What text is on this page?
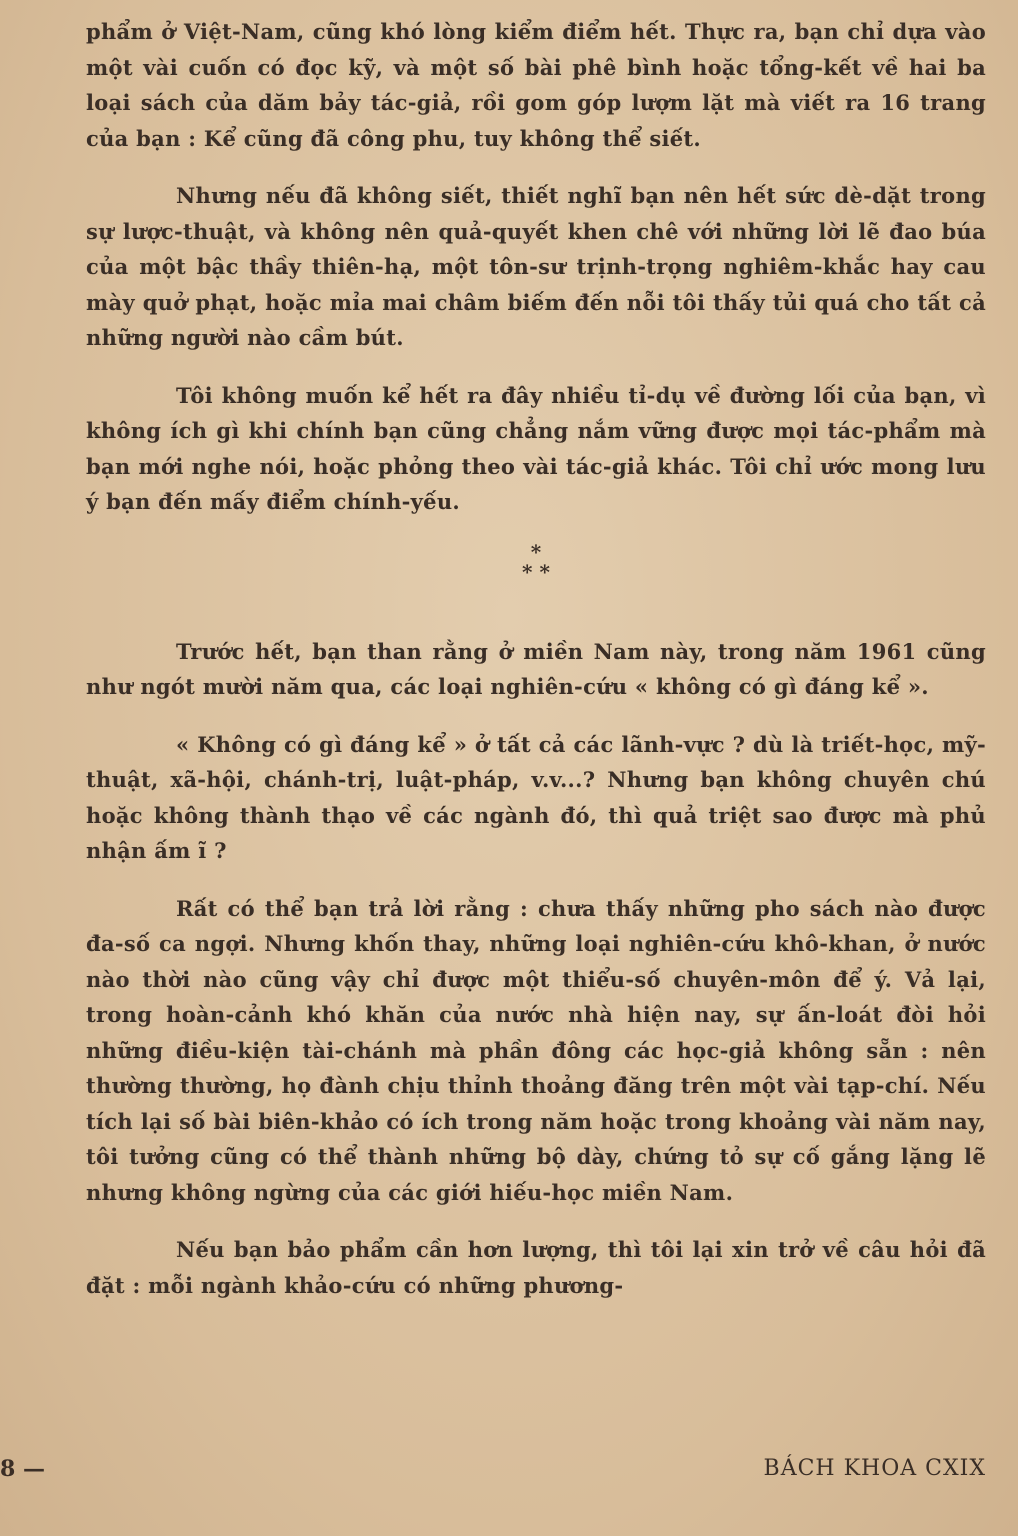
phẩm ở Việt-Nam, cũng khó lòng kiểm điểm hết. Thực ra, bạn chỉ dựa vào một vài cuốn có đọc kỹ, và một số bài phê bình hoặc tổng-kết về hai ba loại sách của dăm bảy tác-giả, rồi gom góp lượm lặt mà viết ra 16 trang của bạn : Kể cũng đã công phu, tuy không thể siết.

Nhưng nếu đã không siết, thiết nghĩ bạn nên hết sức dè-dặt trong sự lược-thuật, và không nên quả-quyết khen chê với những lời lẽ đao búa của một bậc thầy thiên-hạ, một tôn-sư trịnh-trọng nghiêm-khắc hay cau mày quở phạt, hoặc mỉa mai châm biếm đến nỗi tôi thấy tủi quá cho tất cả những người nào cầm bút.

Tôi không muốn kể hết ra đây nhiều tỉ-dụ về đường lối của bạn, vì không ích gì khi chính bạn cũng chẳng nắm vững được mọi tác-phẩm mà bạn mới nghe nói, hoặc phỏng theo vài tác-giả khác. Tôi chỉ ước mong lưu ý bạn đến mấy điểm chính-yếu.

*
* *

Trước hết, bạn than rằng ở miền Nam này, trong năm 1961 cũng như ngót mười năm qua, các loại nghiên-cứu « không có gì đáng kể ».

« Không có gì đáng kể » ở tất cả các lãnh-vực ? dù là triết-học, mỹ-thuật, xã-hội, chánh-trị, luật-pháp, v.v...? Nhưng bạn không chuyên chú hoặc không thành thạo về các ngành đó, thì quả triệt sao được mà phủ nhận ấm ĩ ?

Rất có thể bạn trả lời rằng : chưa thấy những pho sách nào được đa-số ca ngợi. Nhưng khốn thay, những loại nghiên-cứu khô-khan, ở nước nào thời nào cũng vậy chỉ được một thiểu-số chuyên-môn để ý. Vả lại, trong hoàn-cảnh khó khăn của nước nhà hiện nay, sự ấn-loát đòi hỏi những điều-kiện tài-chánh mà phần đông các học-giả không sẵn : nên thường thường, họ đành chịu thỉnh thoảng đăng trên một vài tạp-chí. Nếu tích lại số bài biên-khảo có ích trong năm hoặc trong khoảng vài năm nay, tôi tưởng cũng có thể thành những bộ dày, chứng tỏ sự cố gắng lặng lẽ nhưng không ngừng của các giới hiếu-học miền Nam.

Nếu bạn bảo phẩm cần hơn lượng, thì tôi lại xin trở về câu hỏi đã đặt : mỗi ngành khảo-cứu có những phương-

8 —	BÁCH KHOA CXIX
